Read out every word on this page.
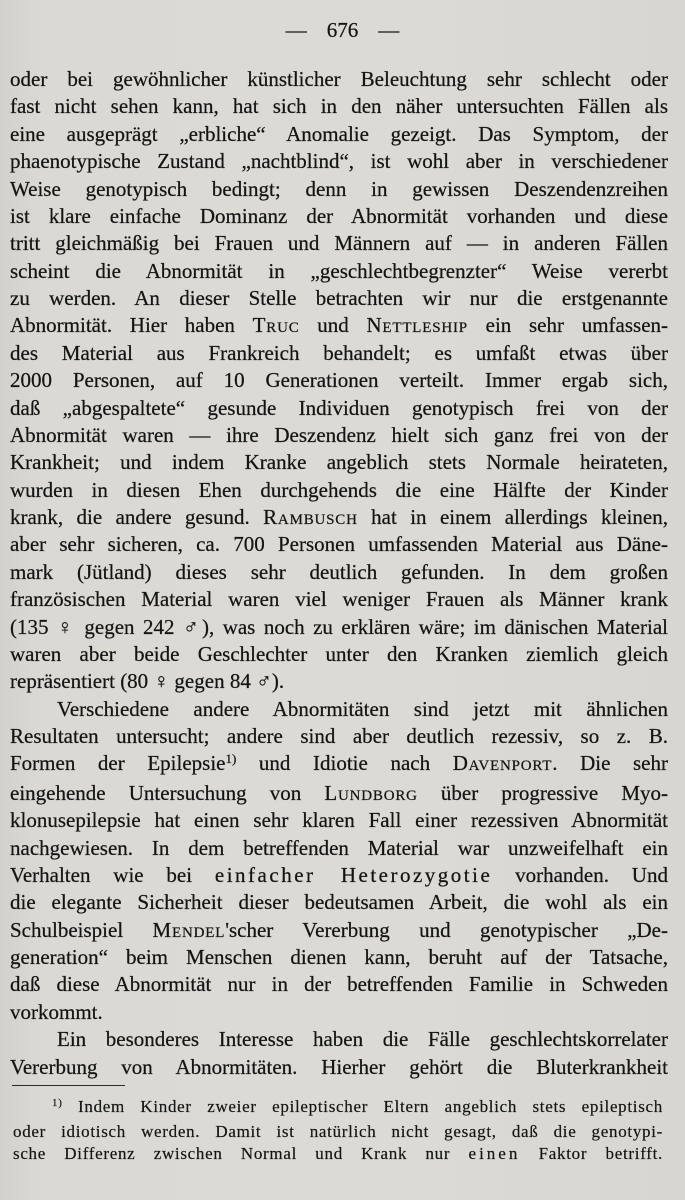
— 676 —
oder bei gewöhnlicher künstlicher Beleuchtung sehr schlecht oder
fast nicht sehen kann, hat sich in den näher untersuchten Fällen als
eine ausgeprägt „erbliche“ Anomalie gezeigt. Das Symptom, der
phaenotypische Zustand „nachtblind“, ist wohl aber in verschiedener
Weise genotypisch bedingt; denn in gewissen Deszendenzreihen
ist klare einfache Dominanz der Abnormität vorhanden und diese
tritt gleichmäßig bei Frauen und Männern auf — in anderen Fällen
scheint die Abnormität in „geschlechtbegrenzter“ Weise vererbt
zu werden. An dieser Stelle betrachten wir nur die erstgenannte
Abnormität. Hier haben Truc und Nettleship ein sehr umfassen-
des Material aus Frankreich behandelt; es umfaßt etwas über
2000 Personen, auf 10 Generationen verteilt. Immer ergab sich,
daß „abgespaltete“ gesunde Individuen genotypisch frei von der
Abnormität waren — ihre Deszendenz hielt sich ganz frei von der
Krankheit; und indem Kranke angeblich stets Normale heirateten,
wurden in diesen Ehen durchgehends die eine Hälfte der Kinder
krank, die andere gesund. Rambusch hat in einem allerdings kleinen,
aber sehr sicheren, ca. 700 Personen umfassenden Material aus Däne-
mark (Jütland) dieses sehr deutlich gefunden. In dem großen
französischen Material waren viel weniger Frauen als Männer krank
(135 ♀ gegen 242 ♂), was noch zu erklären wäre; im dänischen Material
waren aber beide Geschlechter unter den Kranken ziemlich gleich
repräsentiert (80 ♀ gegen 84 ♂).
Verschiedene andere Abnormitäten sind jetzt mit ähnlichen
Resultaten untersucht; andere sind aber deutlich rezessiv, so z. B.
Formen der Epilepsie$^{1)}$ und Idiotie nach Davenport. Die sehr
eingehende Untersuchung von Lundborg über progressive Myo-
klonusepilepsie hat einen sehr klaren Fall einer rezessiven Abnormität
nachgewiesen. In dem betreffenden Material war unzweifelhaft ein
Verhalten wie bei einfacher Heterozygotie vorhanden. Und
die elegante Sicherheit dieser bedeutsamen Arbeit, die wohl als ein
Schulbeispiel Mendel'scher Vererbung und genotypischer „De-
generation“ beim Menschen dienen kann, beruht auf der Tatsache,
daß diese Abnormität nur in der betreffenden Familie in Schweden
vorkommt.
Ein besonderes Interesse haben die Fälle geschlechtskorrelater
Vererbung von Abnormitäten. Hierher gehört die Bluterkrankheit
$^{1)}$ Indem Kinder zweier epileptischer Eltern angeblich stets epileptisch
oder idiotisch werden. Damit ist natürlich nicht gesagt, daß die genotypi-
sche Differenz zwischen Normal und Krank nur einen Faktor betrifft.
